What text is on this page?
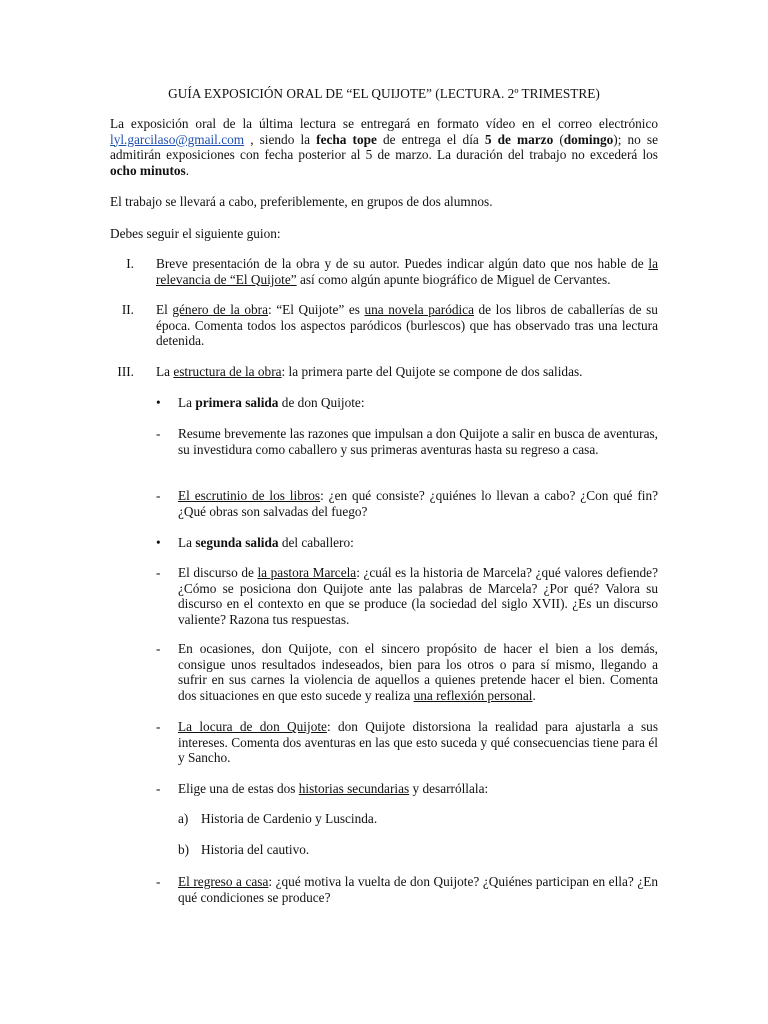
GUÍA EXPOSICIÓN ORAL DE “EL QUIJOTE” (LECTURA. 2º TRIMESTRE)
La exposición oral de la última lectura se entregará en formato vídeo en el correo electrónico lyl.garcilaso@gmail.com , siendo la fecha tope de entrega el día 5 de marzo (domingo); no se admitirán exposiciones con fecha posterior al 5 de marzo. La duración del trabajo no excederá los ocho minutos.
El trabajo se llevará a cabo, preferiblemente, en grupos de dos alumnos.
Debes seguir el siguiente guion:
I. Breve presentación de la obra y de su autor. Puedes indicar algún dato que nos hable de la relevancia de “El Quijote” así como algún apunte biográfico de Miguel de Cervantes.
II. El género de la obra: “El Quijote” es una novela paródica de los libros de caballerías de su época. Comenta todos los aspectos paródicos (burlescos) que has observado tras una lectura detenida.
III. La estructura de la obra: la primera parte del Quijote se compone de dos salidas.
• La primera salida de don Quijote:
- Resume brevemente las razones que impulsan a don Quijote a salir en busca de aventuras, su investidura como caballero y sus primeras aventuras hasta su regreso a casa.
- El escrutinio de los libros: ¿en qué consiste? ¿quiénes lo llevan a cabo? ¿Con qué fin? ¿Qué obras son salvadas del fuego?
• La segunda salida del caballero:
- El discurso de la pastora Marcela: ¿cuál es la historia de Marcela? ¿qué valores defiende? ¿Cómo se posiciona don Quijote ante las palabras de Marcela? ¿Por qué? Valora su discurso en el contexto en que se produce (la sociedad del siglo XVII). ¿Es un discurso valiente? Razona tus respuestas.
- En ocasiones, don Quijote, con el sincero propósito de hacer el bien a los demás, consigue unos resultados indeseados, bien para los otros o para sí mismo, llegando a sufrir en sus carnes la violencia de aquellos a quienes pretende hacer el bien. Comenta dos situaciones en que esto sucede y realiza una reflexión personal.
- La locura de don Quijote: don Quijote distorsiona la realidad para ajustarla a sus intereses. Comenta dos aventuras en las que esto suceda y qué consecuencias tiene para él y Sancho.
- Elige una de estas dos historias secundarias y desarróllala:
a) Historia de Cardenio y Luscinda.
b) Historia del cautivo.
- El regreso a casa: ¿qué motiva la vuelta de don Quijote? ¿Quiénes participan en ella? ¿En qué condiciones se produce?
